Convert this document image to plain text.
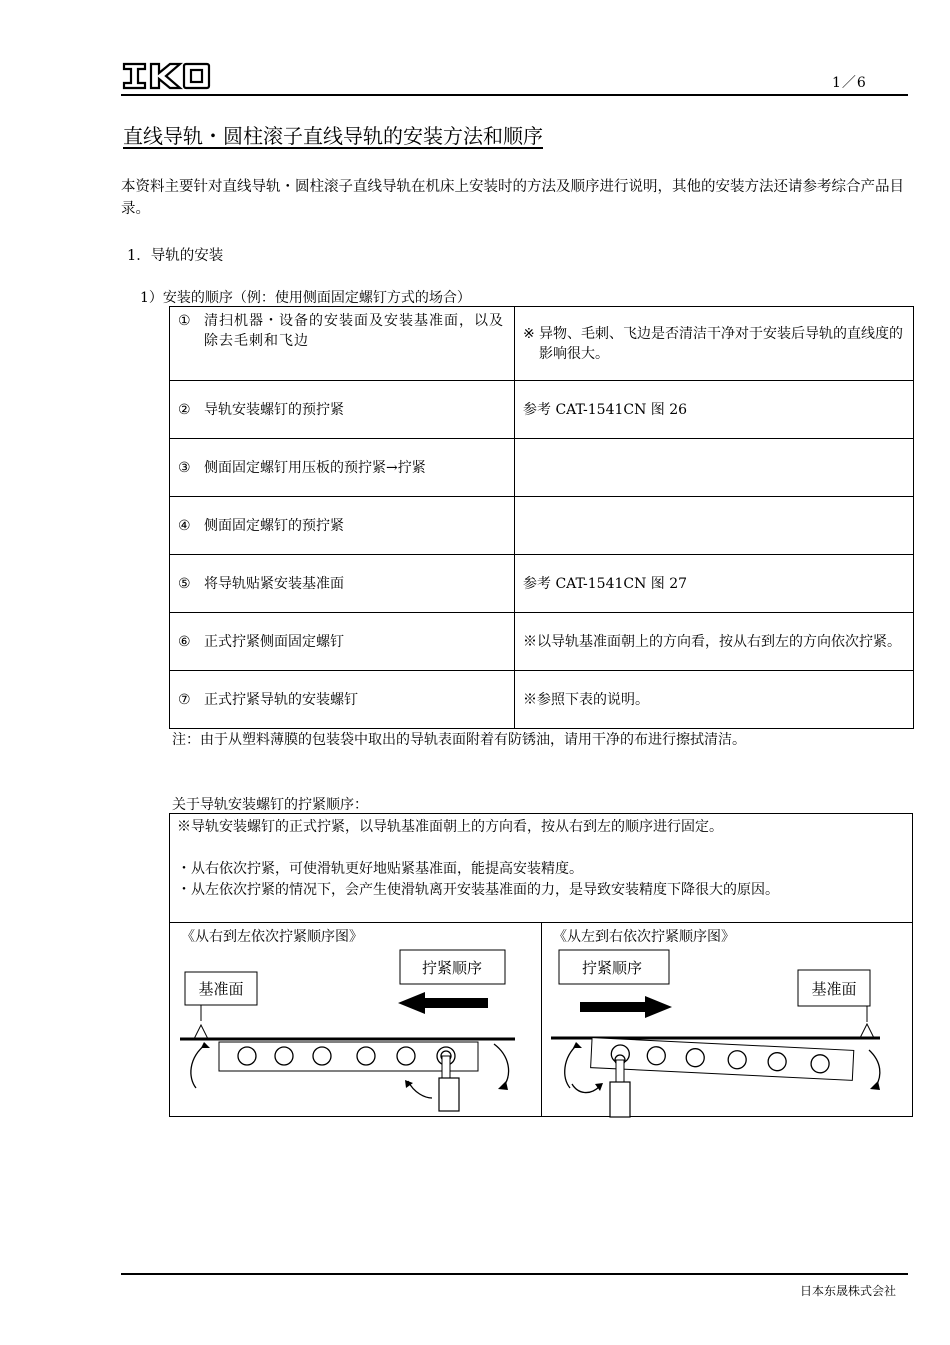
1／6
直线导轨・圆柱滚子直线导轨的安装方法和顺序
本资料主要针对直线导轨・圆柱滚子直线导轨在机床上安装时的方法及顺序进行说明，其他的安装方法还请参考综合产品目录。
1．导轨的安装
1）安装的顺序（例：使用侧面固定螺钉方式的场合）
① 清扫机器・设备的安装面及安装基准面，以及除去毛刺和飞边	※ 异物、毛刺、飞边是否清洁干净对于安装后导轨的直线度的影响很大。

② 导轨安装螺钉的预拧紧	参考 CAT-1541CN 图 26

③ 侧面固定螺钉用压板的预拧紧→拧紧	

④ 侧面固定螺钉的预拧紧	

⑤ 将导轨贴紧安装基准面	参考 CAT-1541CN 图 27

⑥ 正式拧紧侧面固定螺钉	※以导轨基准面朝上的方向看，按从右到左的方向依次拧紧。

⑦ 正式拧紧导轨的安装螺钉	※参照下表的说明。
注：由于从塑料薄膜的包装袋中取出的导轨表面附着有防锈油，请用干净的布进行擦拭清洁。
关于导轨安装螺钉的拧紧顺序：
※导轨安装螺钉的正式拧紧，以导轨基准面朝上的方向看，按从右到左的顺序进行固定。
・从右依次拧紧，可使滑轨更好地贴紧基准面，能提高安装精度。
・从左依次拧紧的情况下，会产生使滑轨离开安装基准面的力，是导致安装精度下降很大的原因。
《从右到左依次拧紧顺序图》	《从左到右依次拧紧顺序图》
拧紧顺序
基准面
拧紧顺序
基准面
日本东晟株式会社
